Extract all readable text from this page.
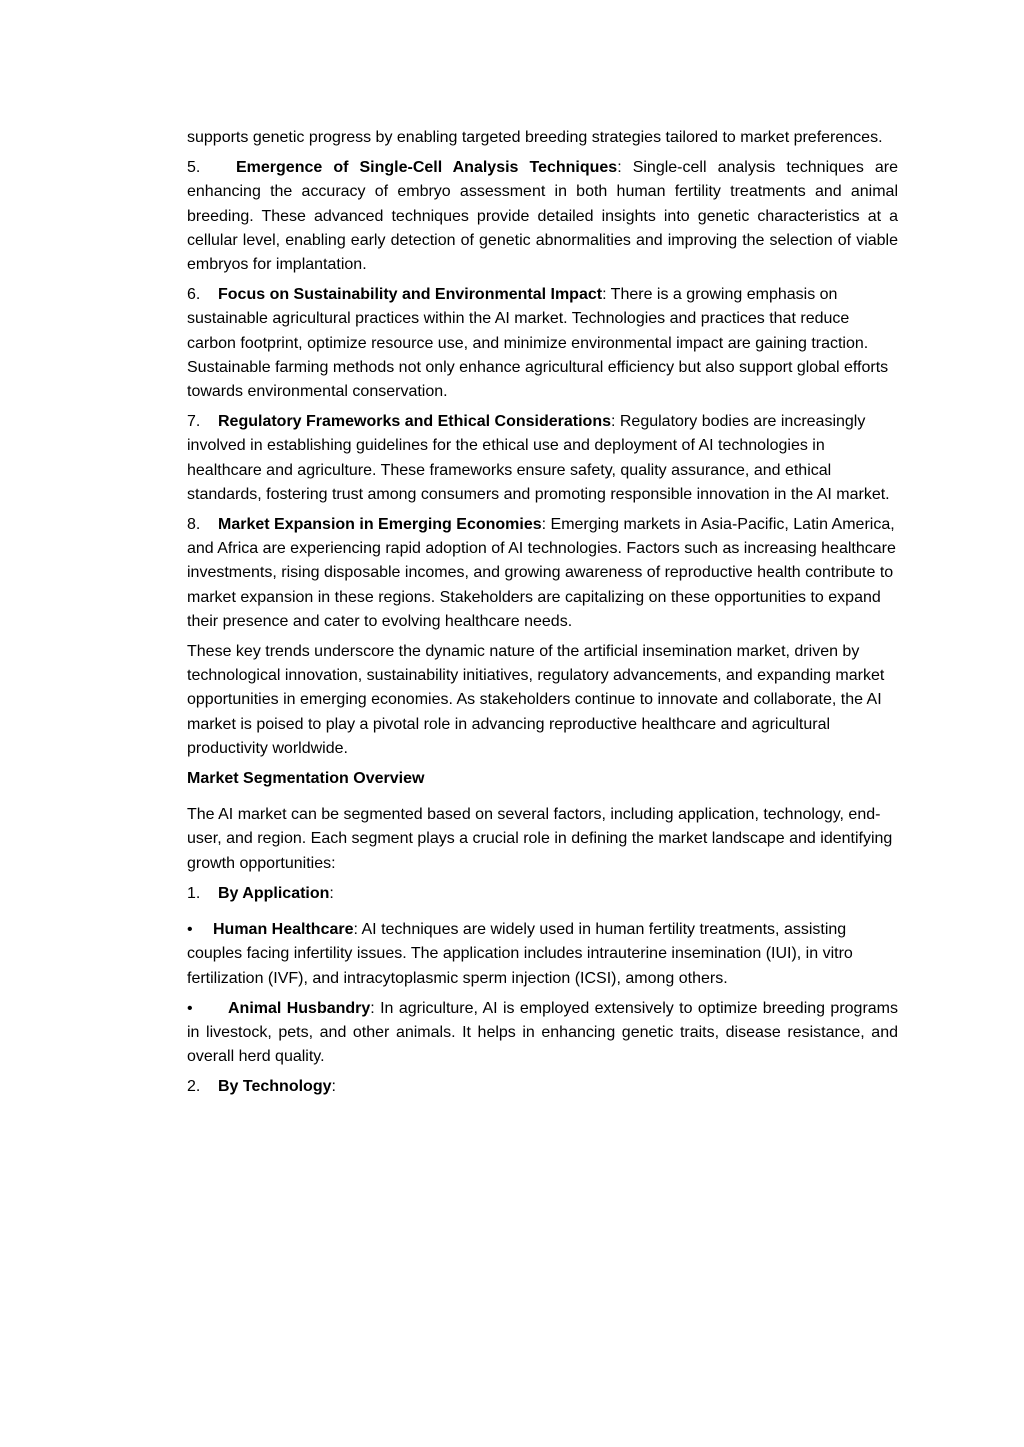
supports genetic progress by enabling targeted breeding strategies tailored to market preferences.

5. Emergence of Single-Cell Analysis Techniques: Single-cell analysis techniques are enhancing the accuracy of embryo assessment in both human fertility treatments and animal breeding. These advanced techniques provide detailed insights into genetic characteristics at a cellular level, enabling early detection of genetic abnormalities and improving the selection of viable embryos for implantation.

6. Focus on Sustainability and Environmental Impact: There is a growing emphasis on sustainable agricultural practices within the AI market. Technologies and practices that reduce carbon footprint, optimize resource use, and minimize environmental impact are gaining traction. Sustainable farming methods not only enhance agricultural efficiency but also support global efforts towards environmental conservation.

7. Regulatory Frameworks and Ethical Considerations: Regulatory bodies are increasingly involved in establishing guidelines for the ethical use and deployment of AI technologies in healthcare and agriculture. These frameworks ensure safety, quality assurance, and ethical standards, fostering trust among consumers and promoting responsible innovation in the AI market.

8. Market Expansion in Emerging Economies: Emerging markets in Asia-Pacific, Latin America, and Africa are experiencing rapid adoption of AI technologies. Factors such as increasing healthcare investments, rising disposable incomes, and growing awareness of reproductive health contribute to market expansion in these regions. Stakeholders are capitalizing on these opportunities to expand their presence and cater to evolving healthcare needs.

These key trends underscore the dynamic nature of the artificial insemination market, driven by technological innovation, sustainability initiatives, regulatory advancements, and expanding market opportunities in emerging economies. As stakeholders continue to innovate and collaborate, the AI market is poised to play a pivotal role in advancing reproductive healthcare and agricultural productivity worldwide.

Market Segmentation Overview

The AI market can be segmented based on several factors, including application, technology, end-user, and region. Each segment plays a crucial role in defining the market landscape and identifying growth opportunities:

1. By Application:

• Human Healthcare: AI techniques are widely used in human fertility treatments, assisting couples facing infertility issues. The application includes intrauterine insemination (IUI), in vitro fertilization (IVF), and intracytoplasmic sperm injection (ICSI), among others.

• Animal Husbandry: In agriculture, AI is employed extensively to optimize breeding programs in livestock, pets, and other animals. It helps in enhancing genetic traits, disease resistance, and overall herd quality.

2. By Technology:
